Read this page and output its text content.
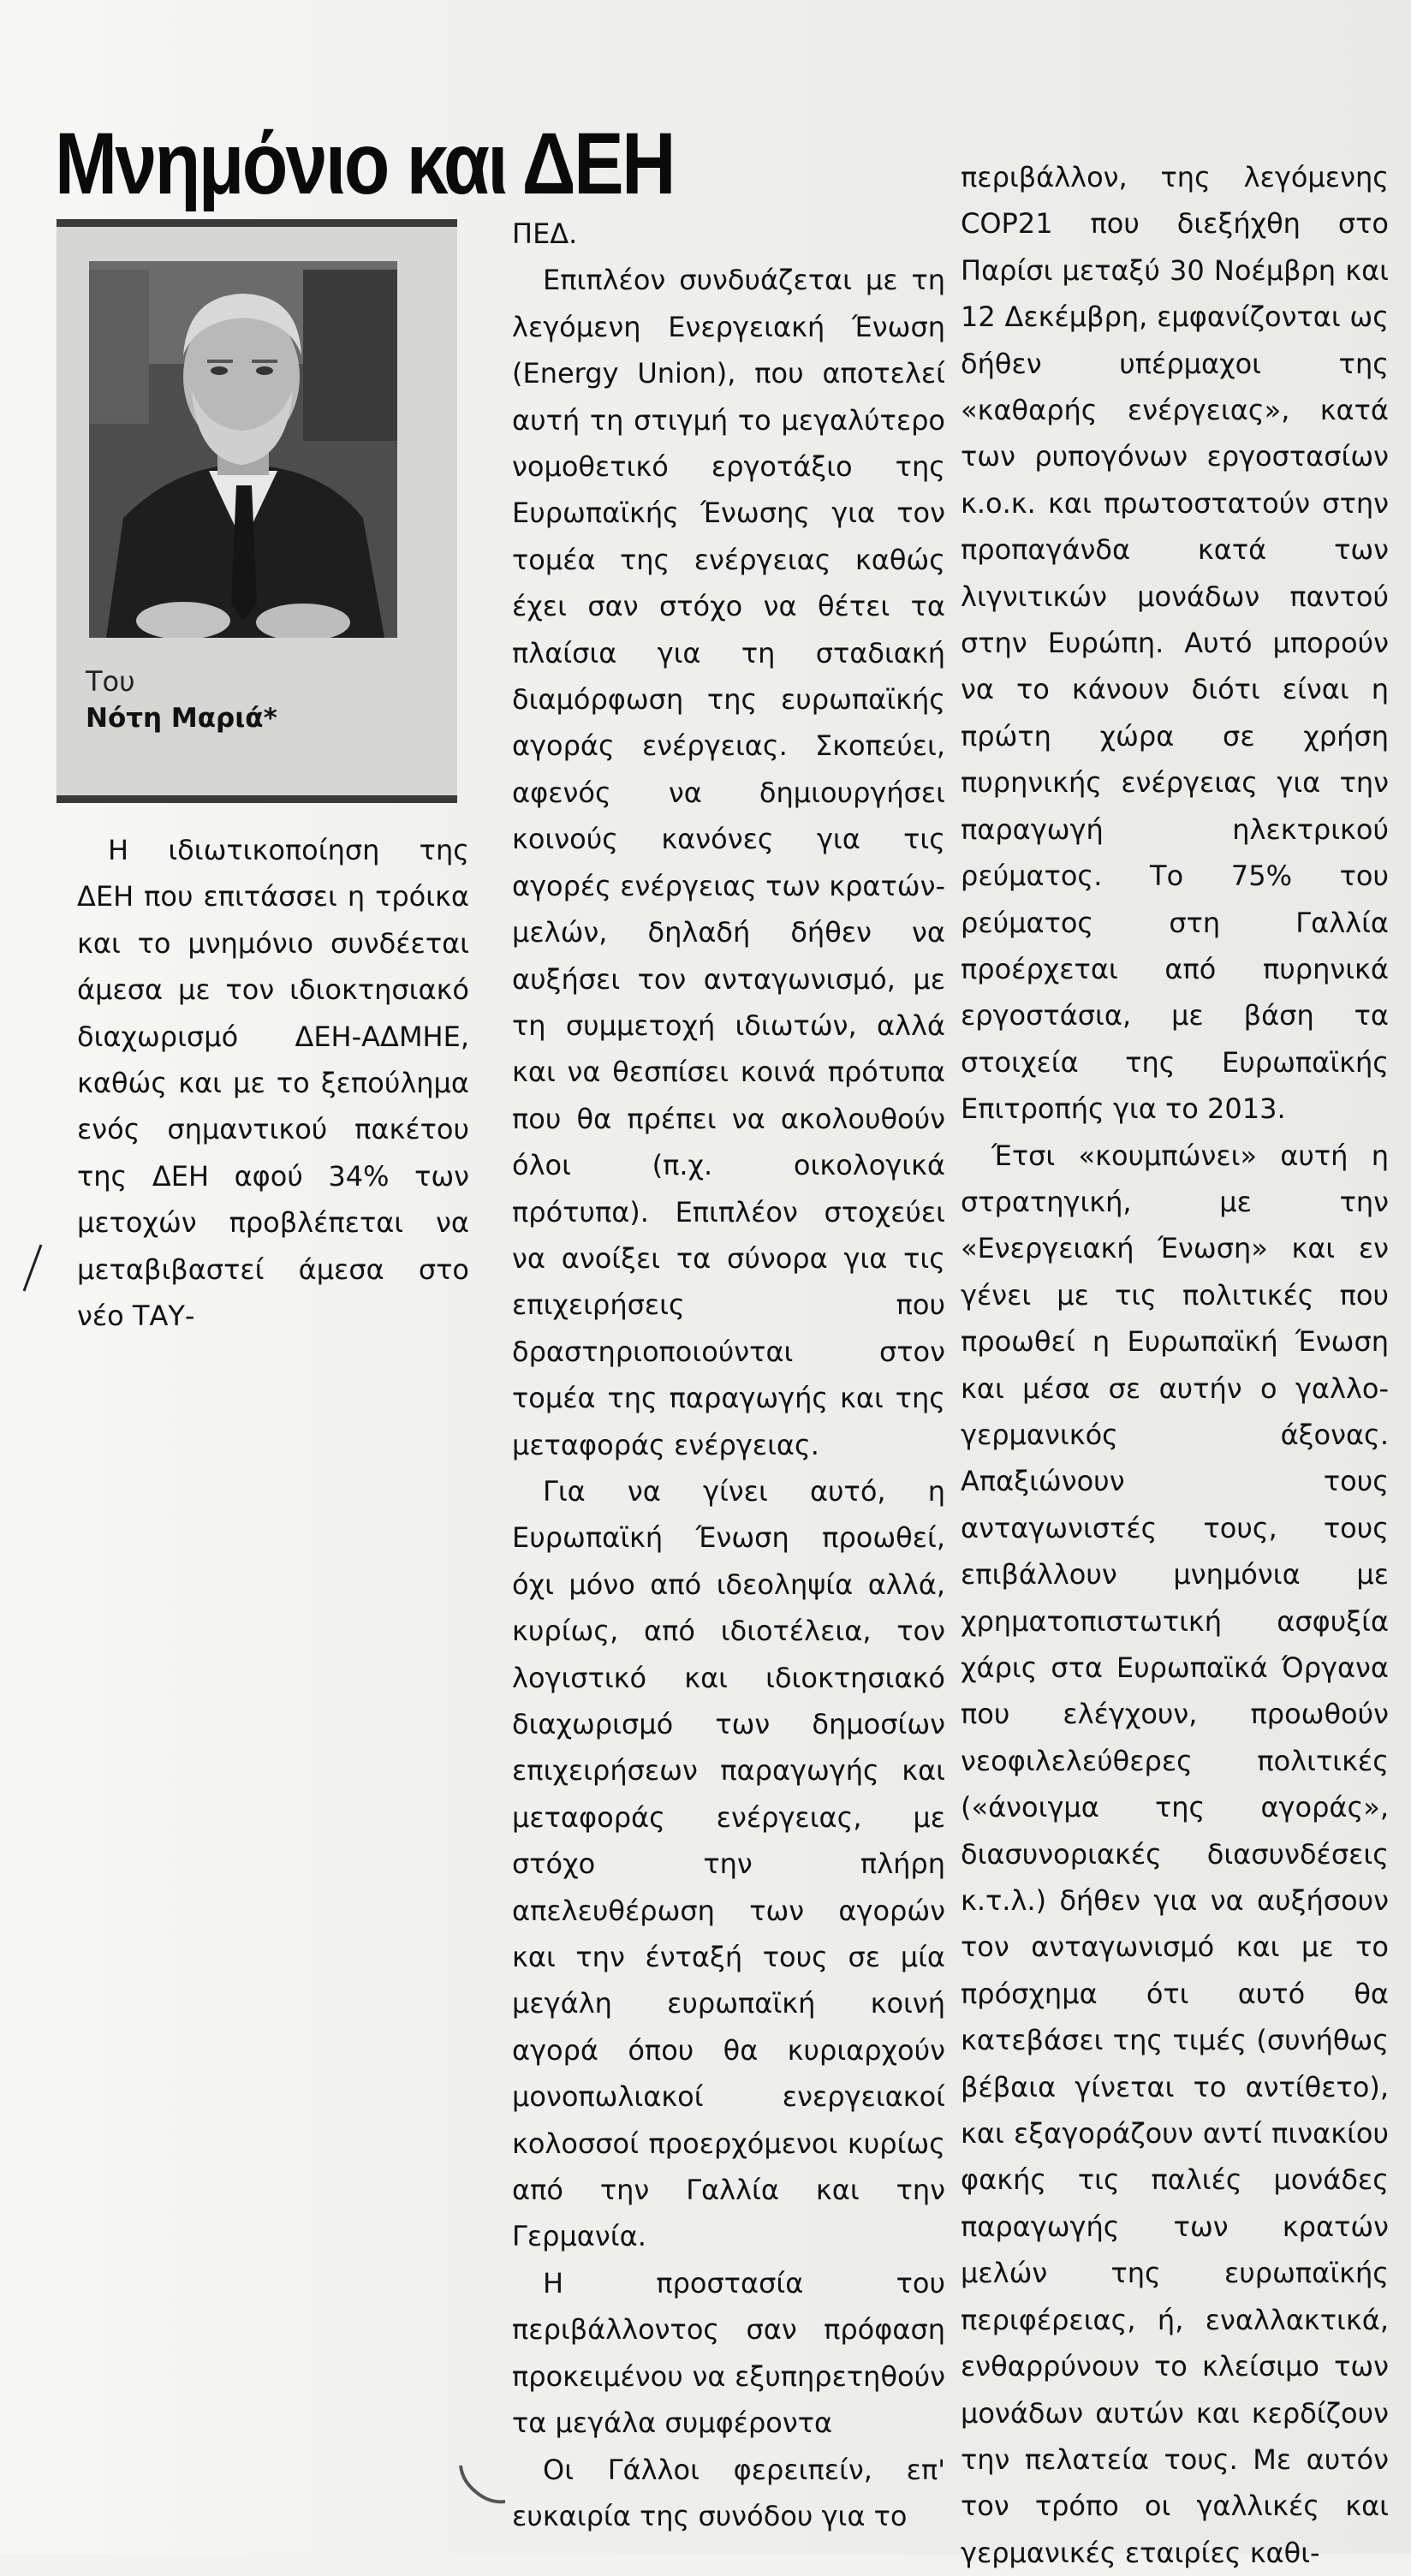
Μνημόνιο και ΔΕΗ
Του
Νότη Μαριά*

Η ιδιωτικοποίηση της ΔΕΗ που επιτάσσει η τρόικα και το μνημόνιο συνδέεται άμεσα με τον ιδιοκτησιακό διαχωρισμό ΔΕΗ-ΑΔΜΗΕ, καθώς και με το ξεπούλημα ενός σημαντικού πακέτου της ΔΕΗ αφού 34% των μετοχών προβλέπεται να μεταβιβαστεί άμεσα στο νέο ΤΑΥ-

ΠΕΔ.

Επιπλέον συνδυάζεται με τη λεγόμενη Ενεργειακή Ένωση (Energy Union), που αποτελεί αυτή τη στιγμή το μεγαλύτερο νομοθετικό εργοτάξιο της Ευρωπαϊκής Ένωσης για τον τομέα της ενέργειας καθώς έχει σαν στόχο να θέτει τα πλαίσια για τη σταδιακή διαμόρφωση της ευρωπαϊκής αγοράς ενέργειας. Σκοπεύει, αφενός να δημιουργήσει κοινούς κανόνες για τις αγορές ενέργειας των κρατών-μελών, δηλαδή δήθεν να αυξήσει τον ανταγωνισμό, με τη συμμετοχή ιδιωτών, αλλά και να θεσπίσει κοινά πρότυπα που θα πρέπει να ακολουθούν όλοι (π.χ. οικολογικά πρότυπα). Επιπλέον στοχεύει να ανοίξει τα σύνορα για τις επιχειρήσεις που δραστηριοποιούνται στον τομέα της παραγωγής και της μεταφοράς ενέργειας.

Για να γίνει αυτό, η Ευρωπαϊκή Ένωση προωθεί, όχι μόνο από ιδεοληψία αλλά, κυρίως, από ιδιοτέλεια, τον λογιστικό και ιδιοκτησιακό διαχωρισμό των δημοσίων επιχειρήσεων παραγωγής και μεταφοράς ενέργειας, με στόχο την πλήρη απελευθέρωση των αγορών και την ένταξή τους σε μία μεγάλη ευρωπαϊκή κοινή αγορά όπου θα κυριαρχούν μονοπωλιακοί ενεργειακοί κολοσσοί προερχόμενοι κυρίως από την Γαλλία και την Γερμανία.

Η προστασία του περιβάλλοντος σαν πρόφαση προκειμένου να εξυπηρετηθούν τα μεγάλα συμφέροντα

Οι Γάλλοι φερειπείν, επ' ευκαιρία της συνόδου για το

περιβάλλον, της λεγόμενης COP21 που διεξήχθη στο Παρίσι μεταξύ 30 Νοέμβρη και 12 Δεκέμβρη, εμφανίζονται ως δήθεν υπέρμαχοι της «καθαρής ενέργειας», κατά των ρυπογόνων εργοστασίων κ.ο.κ. και πρωτοστατούν στην προπαγάνδα κατά των λιγνιτικών μονάδων παντού στην Ευρώπη. Αυτό μπορούν να το κάνουν διότι είναι η πρώτη χώρα σε χρήση πυρηνικής ενέργειας για την παραγωγή ηλεκτρικού ρεύματος. Το 75% του ρεύματος στη Γαλλία προέρχεται από πυρηνικά εργοστάσια, με βάση τα στοιχεία της Ευρωπαϊκής Επιτροπής για το 2013.

Έτσι «κουμπώνει» αυτή η στρατηγική, με την «Ενεργειακή Ένωση» και εν γένει με τις πολιτικές που προωθεί η Ευρωπαϊκή Ένωση και μέσα σε αυτήν ο γαλλο-γερμανικός άξονας. Απαξιώνουν τους ανταγωνιστές τους, τους επιβάλλουν μνημόνια με χρηματοπιστωτική ασφυξία χάρις στα Ευρωπαϊκά Όργανα που ελέγχουν, προωθούν νεοφιλελεύθερες πολιτικές («άνοιγμα της αγοράς», διασυνοριακές διασυνδέσεις κ.τ.λ.) δήθεν για να αυξήσουν τον ανταγωνισμό και με το πρόσχημα ότι αυτό θα κατεβάσει της τιμές (συνήθως βέβαια γίνεται το αντίθετο), και εξαγοράζουν αντί πινακίου φακής τις παλιές μονάδες παραγωγής των κρατών μελών της ευρωπαϊκής περιφέρειας, ή, εναλλακτικά, ενθαρρύνουν το κλείσιμο των μονάδων αυτών και κερδίζουν την πελατεία τους. Με αυτόν τον τρόπο οι γαλλικές και γερμανικές εταιρίες καθι-
